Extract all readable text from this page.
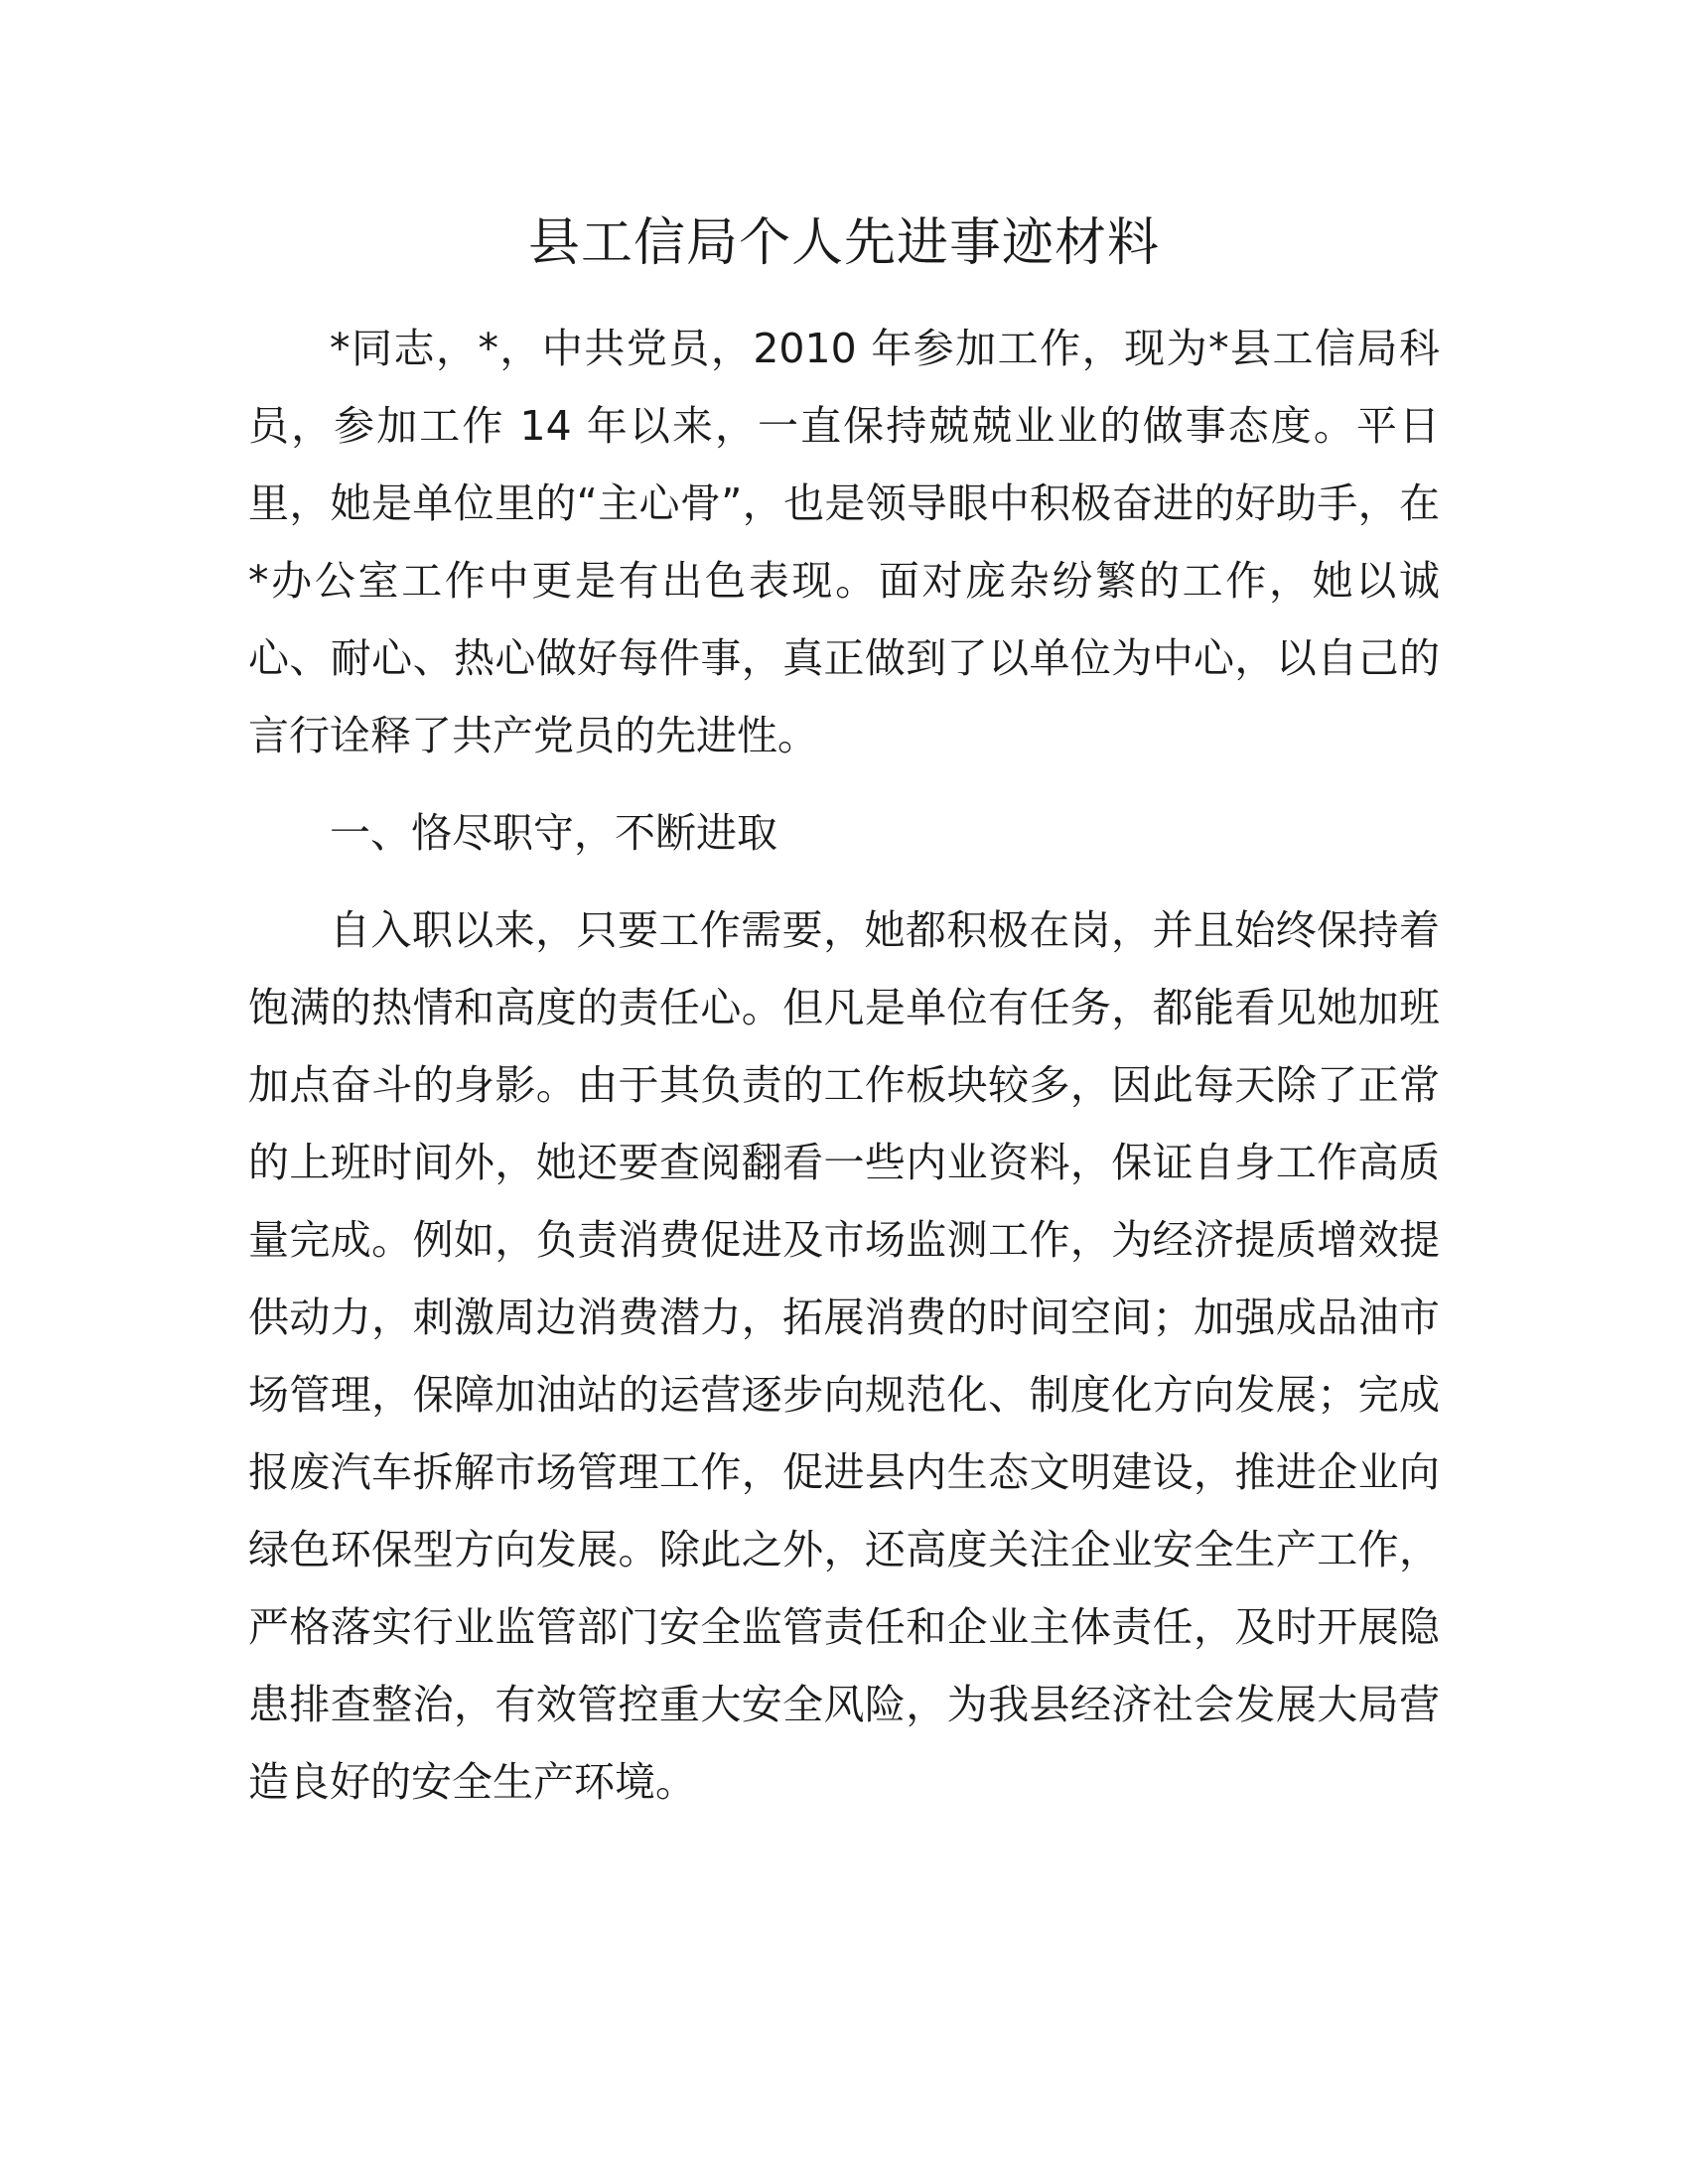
县工信局个人先进事迹材料

*同志，*，中共党员，2010 年参加工作，现为*县工信局科员，参加工作 14 年以来，一直保持兢兢业业的做事态度。平日里，她是单位里的“主心骨”，也是领导眼中积极奋进的好助手，在*办公室工作中更是有出色表现。面对庞杂纷繁的工作，她以诚心、耐心、热心做好每件事，真正做到了以单位为中心，以自己的言行诠释了共产党员的先进性。

一、恪尽职守，不断进取

自入职以来，只要工作需要，她都积极在岗，并且始终保持着饱满的热情和高度的责任心。但凡是单位有任务，都能看见她加班加点奋斗的身影。由于其负责的工作板块较多，因此每天除了正常的上班时间外，她还要查阅翻看一些内业资料，保证自身工作高质量完成。例如，负责消费促进及市场监测工作，为经济提质增效提供动力，刺激周边消费潜力，拓展消费的时间空间；加强成品油市场管理，保障加油站的运营逐步向规范化、制度化方向发展；完成报废汽车拆解市场管理工作，促进县内生态文明建设，推进企业向绿色环保型方向发展。除此之外，还高度关注企业安全生产工作，严格落实行业监管部门安全监管责任和企业主体责任，及时开展隐患排查整治，有效管控重大安全风险，为我县经济社会发展大局营造良好的安全生产环境。
